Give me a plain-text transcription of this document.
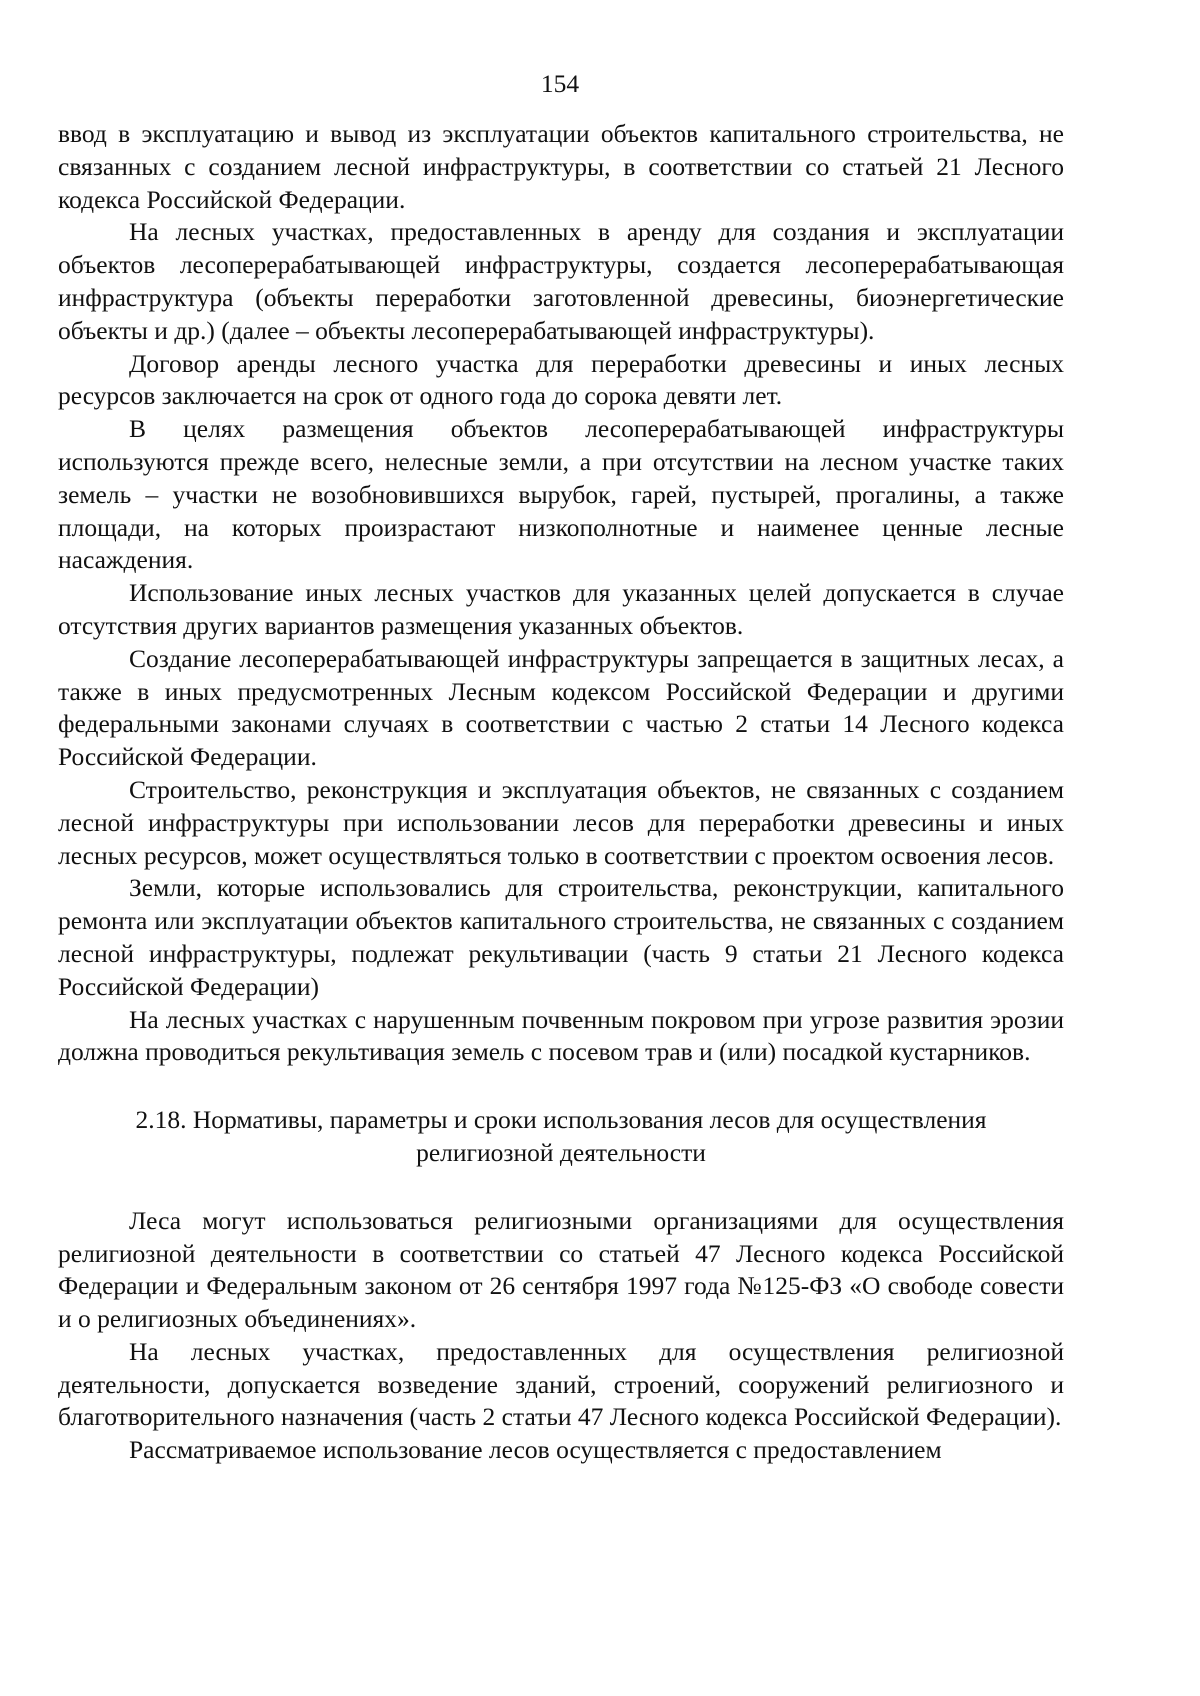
154

ввод в эксплуатацию и вывод из эксплуатации объектов капитального строительства, не связанных с созданием лесной инфраструктуры, в соответствии со статьей 21 Лесного кодекса Российской Федерации.

На лесных участках, предоставленных в аренду для создания и эксплуатации объектов лесоперерабатывающей инфраструктуры, создается лесоперерабатывающая инфраструктура (объекты переработки заготовленной древесины, биоэнергетические объекты и др.) (далее – объекты лесоперерабатывающей инфраструктуры).

Договор аренды лесного участка для переработки древесины и иных лесных ресурсов заключается на срок от одного года до сорока девяти лет.

В целях размещения объектов лесоперерабатывающей инфраструктуры используются прежде всего, нелесные земли, а при отсутствии на лесном участке таких земель – участки не возобновившихся вырубок, гарей, пустырей, прогалины, а также площади, на которых произрастают низкополнотные и наименее ценные лесные насаждения.

Использование иных лесных участков для указанных целей допускается в случае отсутствия других вариантов размещения указанных объектов.

Создание лесоперерабатывающей инфраструктуры запрещается в защитных лесах, а также в иных предусмотренных Лесным кодексом Российской Федерации и другими федеральными законами случаях в соответствии с частью 2 статьи 14 Лесного кодекса Российской Федерации.

Строительство, реконструкция и эксплуатация объектов, не связанных с созданием лесной инфраструктуры при использовании лесов для переработки древесины и иных лесных ресурсов, может осуществляться только в соответствии с проектом освоения лесов.

Земли, которые использовались для строительства, реконструкции, капитального ремонта или эксплуатации объектов капитального строительства, не связанных с созданием лесной инфраструктуры, подлежат рекультивации (часть 9 статьи 21 Лесного кодекса Российской Федерации)

На лесных участках с нарушенным почвенным покровом при угрозе развития эрозии должна проводиться рекультивация земель с посевом трав и (или) посадкой кустарников.

2.18. Нормативы, параметры и сроки использования лесов для осуществления религиозной деятельности

Леса могут использоваться религиозными организациями для осуществления религиозной деятельности в соответствии со статьей 47 Лесного кодекса Российской Федерации и Федеральным законом от 26 сентября 1997 года №125-ФЗ «О свободе совести и о религиозных объединениях».

На лесных участках, предоставленных для осуществления религиозной деятельности, допускается возведение зданий, строений, сооружений религиозного и благотворительного назначения (часть 2 статьи 47 Лесного кодекса Российской Федерации).

Рассматриваемое использование лесов осуществляется с предоставлением
